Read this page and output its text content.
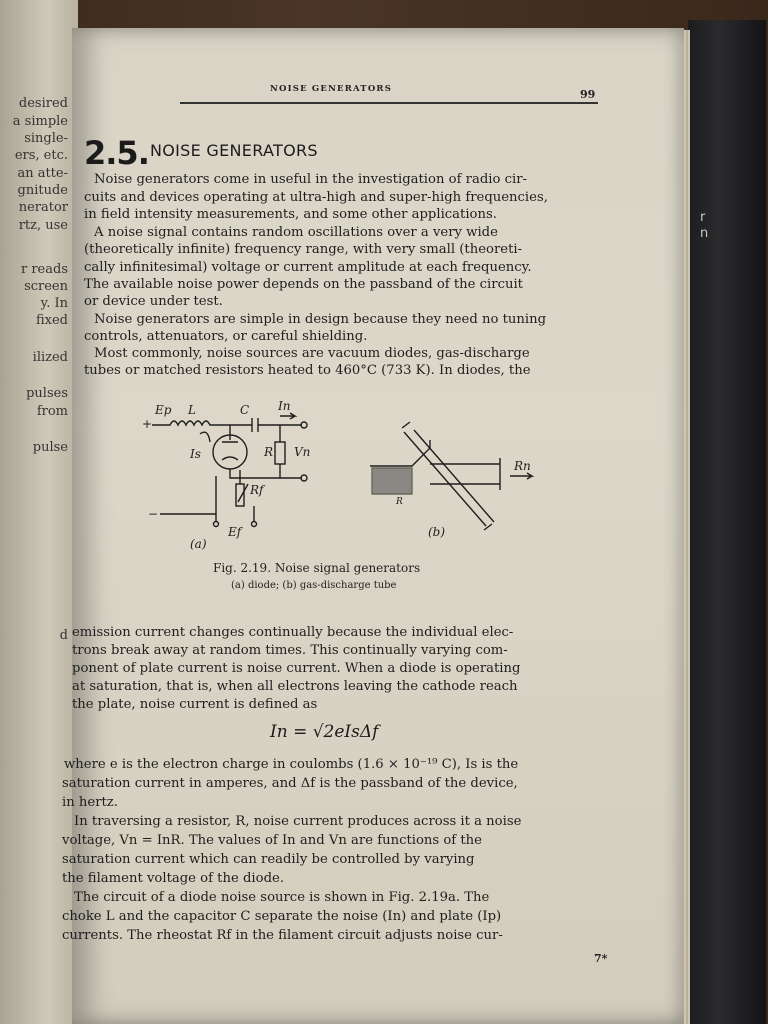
desired
a simple
single-
ers, etc.
an atte-
gnitude
nerator
rtz, use
r reads
screen
y. In
fixed
ilized
pulses
from
pulse
d
r
n
NOISE GENERATORS	99
2.5. NOISE GENERATORS
Noise generators come in useful in the investigation of radio cir-
cuits and devices operating at ultra-high and super-high frequencies,
in field intensity measurements, and some other applications.
A noise signal contains random oscillations over a very wide
(theoretically infinite) frequency range, with very small (theoreti-
cally infinitesimal) voltage or current amplitude at each frequency.
The available noise power depends on the passband of the circuit
or device under test.
Noise generators are simple in design because they need no tuning
controls, attenuators, or careful shielding.
Most commonly, noise sources are vacuum diodes, gas-discharge
tubes or matched resistors heated to 460°C (733 K). In diodes, the
+
Ep L	C In
Is	R Vn
Rf
Ef
−
(a)
Rn
R
(b)
Fig. 2.19. Noise signal generators
(a) diode; (b) gas-discharge tube
emission current changes continually because the individual elec-
trons break away at random times. This continually varying com-
ponent of plate current is noise current. When a diode is operating
at saturation, that is, when all electrons leaving the cathode reach
the plate, noise current is defined as
In = √2eIsΔf
where e is the electron charge in coulombs (1.6 × 10⁻¹⁹ C), Is is the
saturation current in amperes, and Δf is the passband of the device,
in hertz.
In traversing a resistor, R, noise current produces across it a noise
voltage, Vn = InR. The values of In and Vn are functions of the
saturation current which can readily be controlled by varying
the filament voltage of the diode.
The circuit of a diode noise source is shown in Fig. 2.19a. The
choke L and the capacitor C separate the noise (In) and plate (Ip)
currents. The rheostat Rf in the filament circuit adjusts noise cur-
7*
